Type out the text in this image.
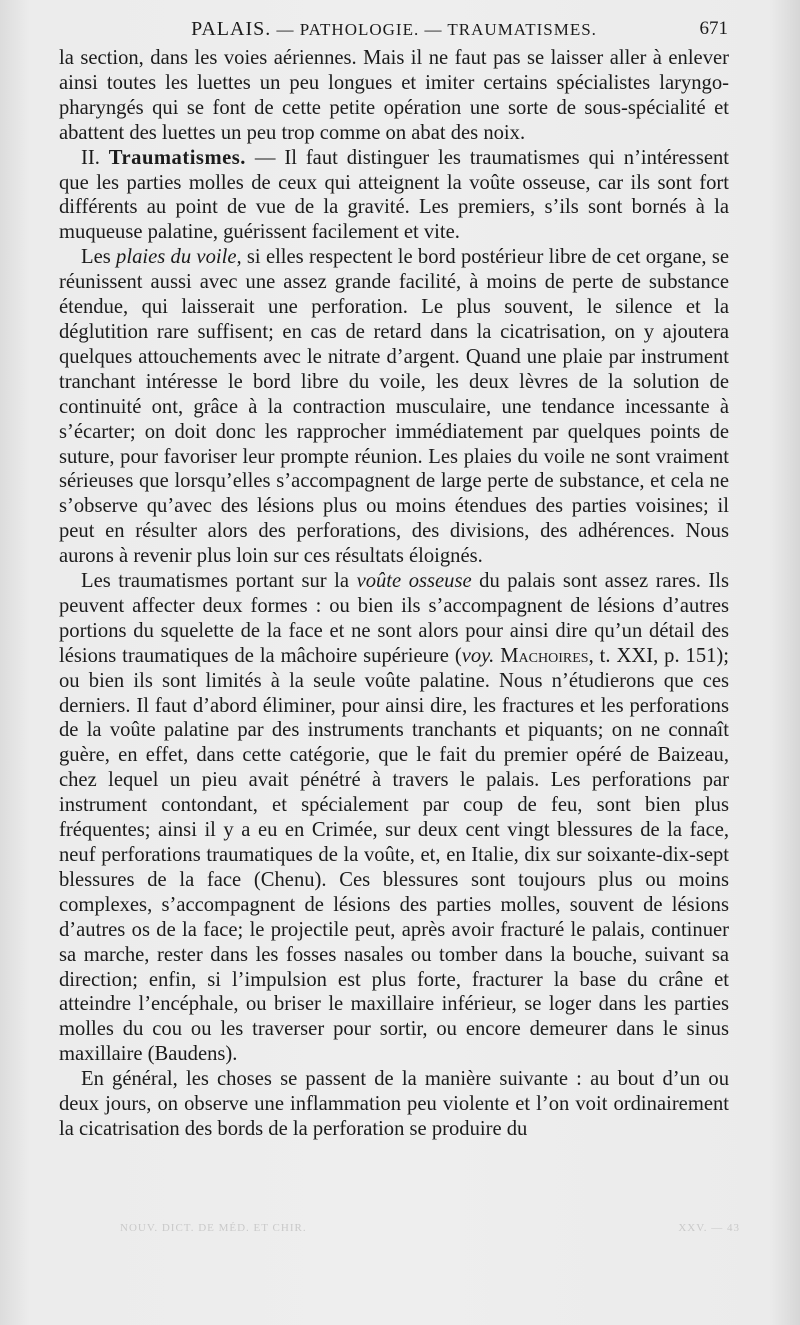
PALAIS. — PATHOLOGIE. — TRAUMATISMES.	671

la section, dans les voies aériennes. Mais il ne faut pas se laisser aller à enlever ainsi toutes les luettes un peu longues et imiter certains spécialistes laryngo-pharyngés qui se font de cette petite opération une sorte de sous-spécialité et abattent des luettes un peu trop comme on abat des noix.

II. Traumatismes. — Il faut distinguer les traumatismes qui n’intéressent que les parties molles de ceux qui atteignent la voûte osseuse, car ils sont fort différents au point de vue de la gravité. Les premiers, s’ils sont bornés à la muqueuse palatine, guérissent facilement et vite.

Les plaies du voile, si elles respectent le bord postérieur libre de cet organe, se réunissent aussi avec une assez grande facilité, à moins de perte de substance étendue, qui laisserait une perforation. Le plus souvent, le silence et la déglutition rare suffisent; en cas de retard dans la cicatrisation, on y ajoutera quelques attouchements avec le nitrate d’argent. Quand une plaie par instrument tranchant intéresse le bord libre du voile, les deux lèvres de la solution de continuité ont, grâce à la contraction musculaire, une tendance incessante à s’écarter; on doit donc les rapprocher immédiatement par quelques points de suture, pour favoriser leur prompte réunion. Les plaies du voile ne sont vraiment sérieuses que lorsqu’elles s’accompagnent de large perte de substance, et cela ne s’observe qu’avec des lésions plus ou moins étendues des parties voisines; il peut en résulter alors des perforations, des divisions, des adhérences. Nous aurons à revenir plus loin sur ces résultats éloignés.

Les traumatismes portant sur la voûte osseuse du palais sont assez rares. Ils peuvent affecter deux formes : ou bien ils s’accompagnent de lésions d’autres portions du squelette de la face et ne sont alors pour ainsi dire qu’un détail des lésions traumatiques de la mâchoire supérieure (voy. Machoires, t. XXI, p. 151); ou bien ils sont limités à la seule voûte palatine. Nous n’étudierons que ces derniers. Il faut d’abord éliminer, pour ainsi dire, les fractures et les perforations de la voûte palatine par des instruments tranchants et piquants; on ne connaît guère, en effet, dans cette catégorie, que le fait du premier opéré de Baizeau, chez lequel un pieu avait pénétré à travers le palais. Les perforations par instrument contondant, et spécialement par coup de feu, sont bien plus fréquentes; ainsi il y a eu en Crimée, sur deux cent vingt blessures de la face, neuf perforations traumatiques de la voûte, et, en Italie, dix sur soixante-dix-sept blessures de la face (Chenu). Ces blessures sont toujours plus ou moins complexes, s’accompagnent de lésions des parties molles, souvent de lésions d’autres os de la face; le projectile peut, après avoir fracturé le palais, continuer sa marche, rester dans les fosses nasales ou tomber dans la bouche, suivant sa direction; enfin, si l’impulsion est plus forte, fracturer la base du crâne et atteindre l’encéphale, ou briser le maxillaire inférieur, se loger dans les parties molles du cou ou les traverser pour sortir, ou encore demeurer dans le sinus maxillaire (Baudens).

En général, les choses se passent de la manière suivante : au bout d’un ou deux jours, on observe une inflammation peu violente et l’on voit ordinairement la cicatrisation des bords de la perforation se produire du

NOUV. DICT. DE MÉD. ET CHIR.	XXV. — 43
